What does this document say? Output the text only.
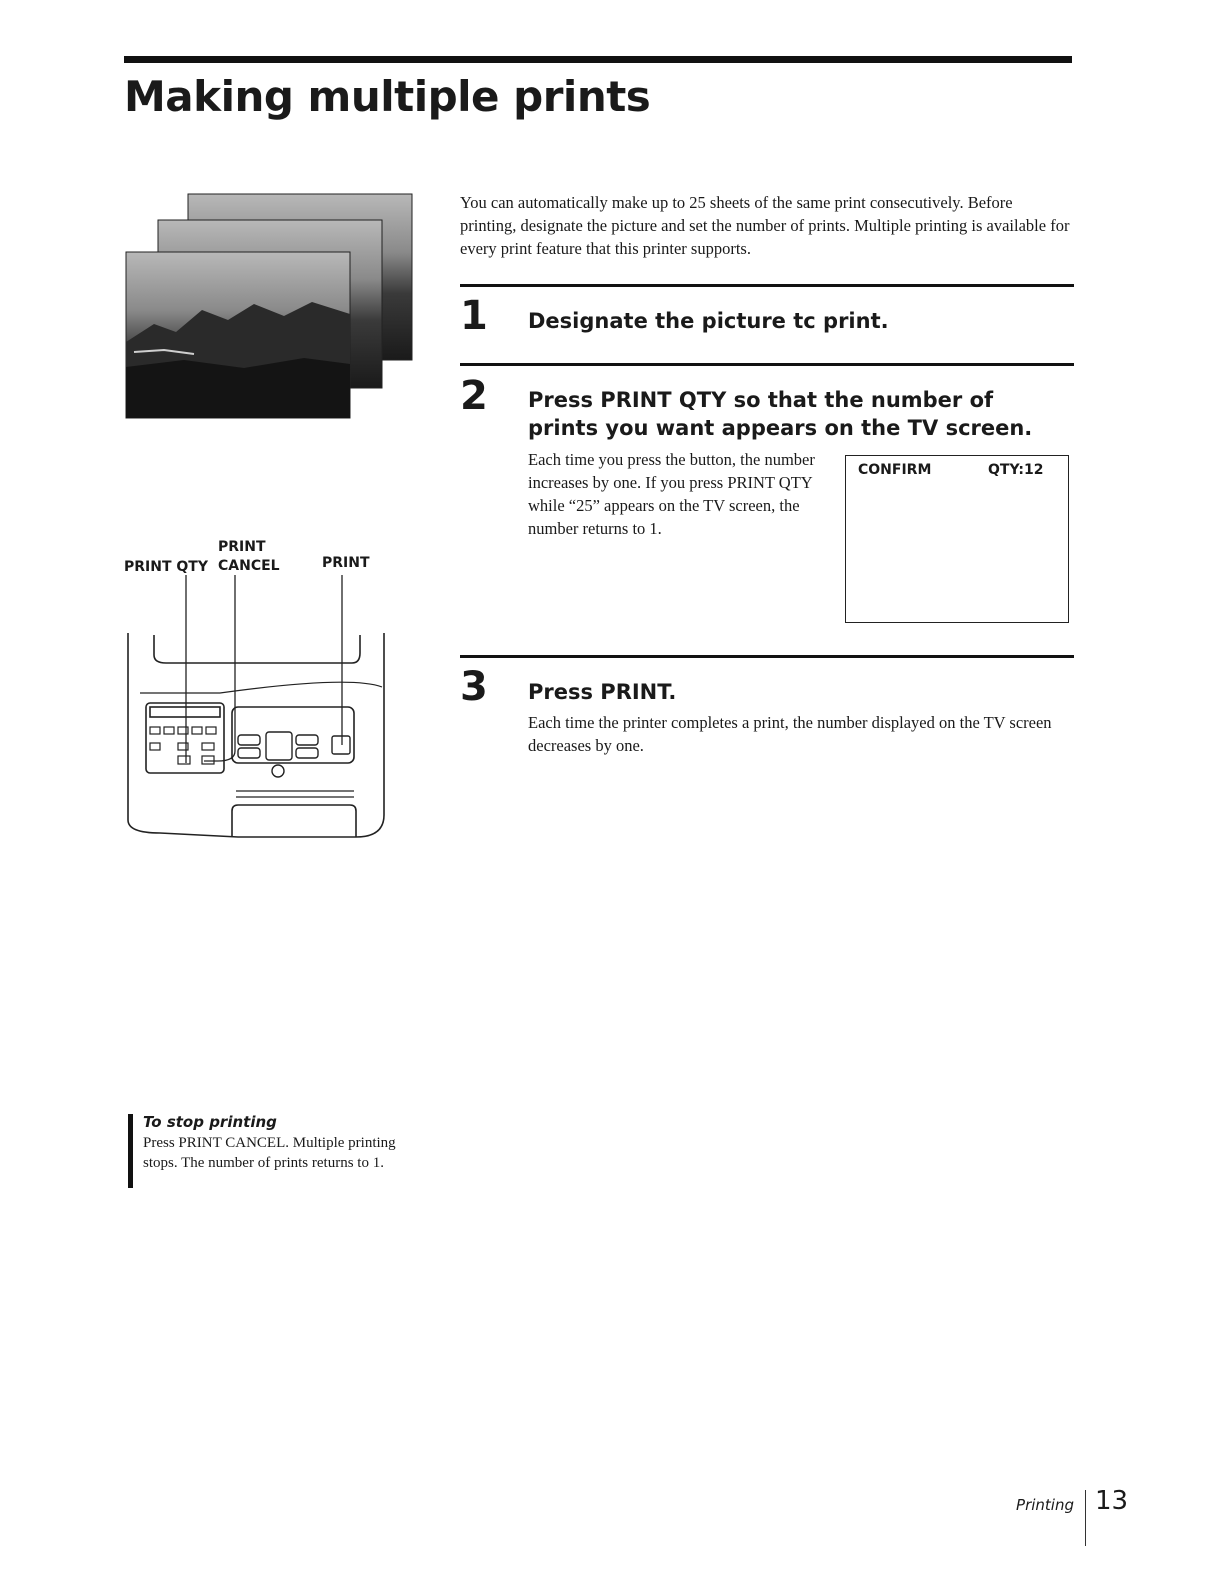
Making multiple prints

You can automatically make up to 25 sheets of the same print consecutively. Before printing, designate the picture and set the number of prints. Multiple printing is available for every print feature that this printer supports.

1 Designate the picture tc print.
2 Press PRINT QTY so that the number of prints you want appears on the TV screen.
Each time you press the button, the number increases by one. If you press PRINT QTY while “25” appears on the TV screen, the number returns to 1.
CONFIRM	QTY:12
3 Press PRINT.
Each time the printer completes a print, the number displayed on the TV screen decreases by one.
PRINT QTY
PRINT
CANCEL	PRINT
To stop printing
Press PRINT CANCEL. Multiple printing stops. The number of prints returns to 1.
Printing 13
